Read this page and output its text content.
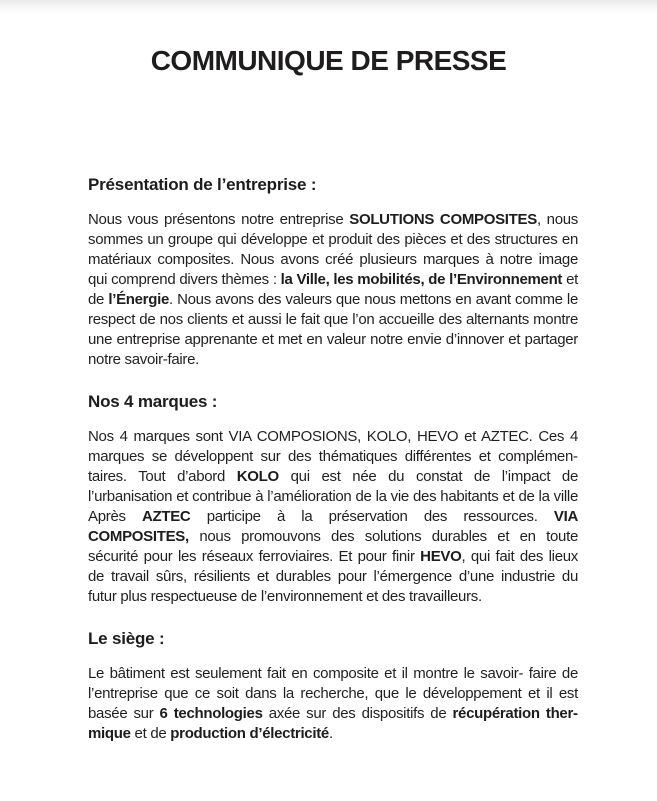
COMMUNIQUE DE PRESSE
Présentation de l’entreprise :

Nous vous présentons notre entreprise SOLUTIONS COMPOSITES, nous sommes un groupe qui développe et produit des pièces et des structures en matériaux composites. Nous avons créé plusieurs marques à notre image qui comprend divers thèmes : la Ville, les mobilités, de l’Environnement et de l’Énergie. Nous avons des valeurs que nous mettons en avant comme le respect de nos clients et aussi le fait que l’on accueille des alternants montre une entreprise apprenante et met en valeur notre envie d’innover et partager notre savoir-faire.

Nos 4 marques :

Nos 4 marques sont VIA COMPOSIONS, KOLO, HEVO et AZTEC. Ces 4 marques se développent sur des thématiques différentes et complémentaires. Tout d’abord KOLO qui est née du constat de l’impact de l’urbanisation et contribue à l’amélioration de la vie des habitants et de la ville Après AZTEC participe à la préservation des ressources. VIA COMPOSITES, nous promouvons des solutions durables et en toute sécurité pour les réseaux ferroviaires. Et pour finir HEVO, qui fait des lieux de travail sûrs, résilients et durables pour l’émergence d’une industrie du futur plus respectueuse de l’environnement et des travailleurs.

Le siège :

Le bâtiment est seulement fait en composite et il montre le savoir- faire de l’entreprise que ce soit dans la recherche, que le développement et il est basée sur 6 technologies axée sur des dispositifs de récupération thermique et de production d’électricité.
